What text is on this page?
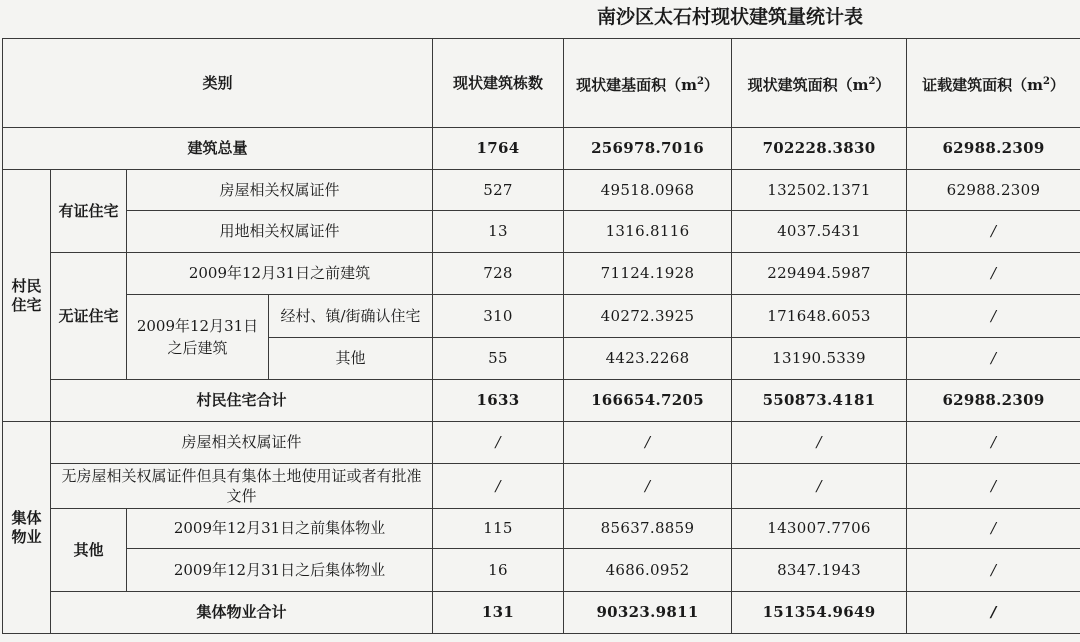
南沙区太石村现状建筑量统计表
类别				现状建筑栋数	现状建基面积$(m^2)$	现状建筑面积$(m^2)$	证载建筑面积$(m^2)$
建筑总量				1764	256978.7016	702228.3830	62988.2309

村民住宅	有证住宅	房屋相关权属证件		527	49518.0968	132502.1371	62988.2309
		用地相关权属证件		13	1316.8116	4037.5431	/
	无证住宅	2009年12月31日之前建筑		728	71124.1928	229494.5987	/

		2009年12月31日之后建筑	经村、镇/街确认住宅	310	40272.3925	171648.6053	/
			其他	55	4423.2268	13190.5339	/
	村民住宅合计			1633	166654.7205	550873.4181	62988.2309

集体物业	房屋相关权属证件			/	/	/	/

	无房屋相关权属证件但具有集体土地使用证或者有批准文件			/	/	/	/
	其他	2009年12月31日之前集体物业		115	85637.8859	143007.7706	/
		2009年12月31日之后集体物业		16	4686.0952	8347.1943	/
	集体物业合计			131	90323.9811	151354.9649	/
